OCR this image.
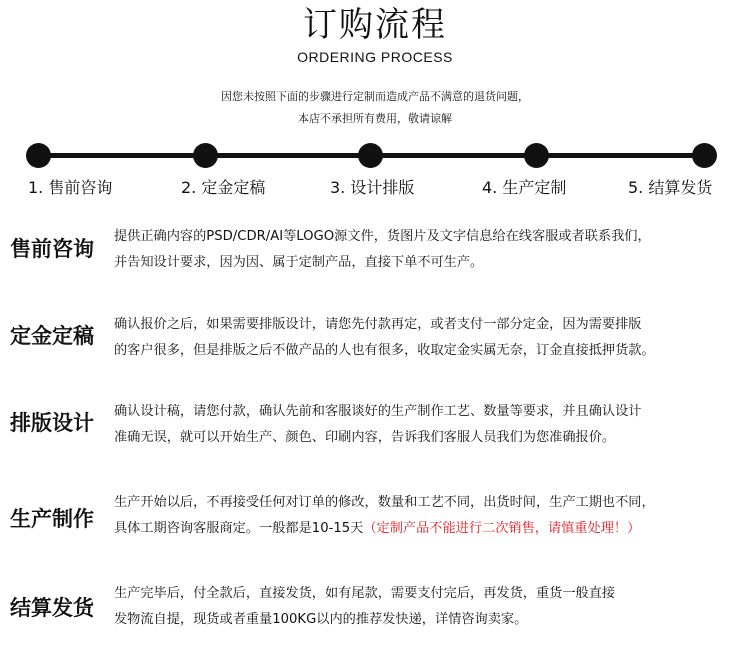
订购流程
ORDERING PROCESS
因您未按照下面的步骤进行定制而造成产品不满意的退货问题，
本店不承担所有费用，敬请谅解
1. 售前咨询	2. 定金定稿	3. 设计排版	4. 生产定制	5. 结算发货
售前咨询
提供正确内容的PSD/CDR/AI等LOGO源文件，货图片及文字信息给在线客服或者联系我们，
并告知设计要求，因为因、属于定制产品，直接下单不可生产。
定金定稿 确认报价之后，如果需要排版设计，请您先付款再定，或者支付一部分定金，因为需要排版
的客户很多，但是排版之后不做产品的人也有很多，收取定金实属无奈，订金直接抵押货款。
排版设计 确认设计稿，请您付款，确认先前和客服谈好的生产制作工艺、数量等要求，并且确认设计
准确无误，就可以开始生产、颜色、印刷内容，告诉我们客服人员我们为您准确报价。
生产制作
生产开始以后，不再接受任何对订单的修改，数量和工艺不同，出货时间，生产工期也不同，
具体工期咨询客服商定。一般都是10-15天（定制产品不能进行二次销售，请慎重处理！）
结算发货
生产完毕后，付全款后，直接发货，如有尾款，需要支付完后，再发货，重货一般直接
发物流自提，现货或者重量100KG以内的推荐发快递，详情咨询卖家。
